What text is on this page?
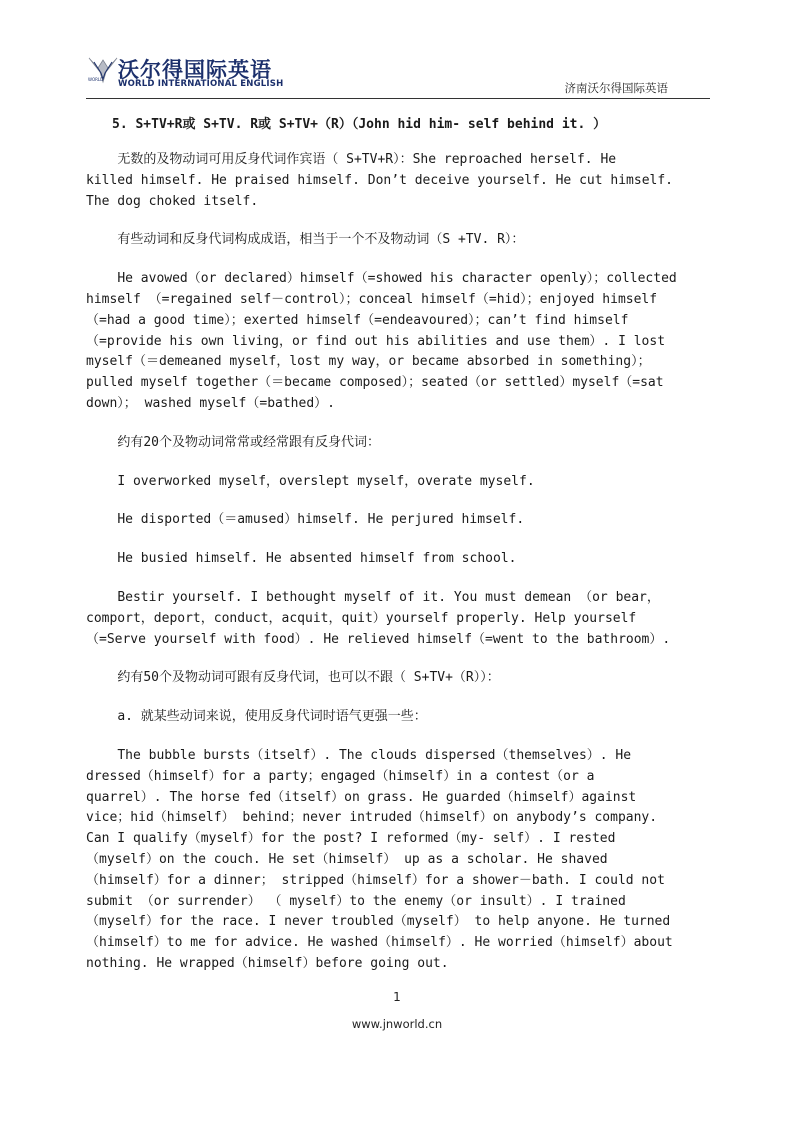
WORLD 沃尔得国际英语
WORLD INTERNATIONAL ENGLISH	济南沃尔得国际英语
5. S+TV+R或 S+TV. R或 S+TV+（R）（John hid him- self behind it. ）

无数的及物动词可用反身代词作宾语（ S+TV+R）：She reproached herself. He
killed himself. He praised himself. Don’t deceive yourself. He cut himself.
The dog choked itself.

有些动词和反身代词构成成语，相当于一个不及物动词（S +TV. R）：

He avowed（or declared）himself（=showed his character openly）；collected
himself （=regained self－control）；conceal himself（=hid）；enjoyed himself
（=had a good time）；exerted himself（=endeavoured）；can’t find himself
（=provide his own living，or find out his abilities and use them）. I lost
myself（＝demeaned myself，lost my way，or became absorbed in something）；
pulled myself together（＝became composed）；seated（or settled）myself（=sat
down）； washed myself（=bathed）.

约有20个及物动词常常或经常跟有反身代词：

I overworked myself，overslept myself，overate myself.

He disported（＝amused）himself. He perjured himself.

He busied himself. He absented himself from school.

Bestir yourself. I bethought myself of it. You must demean （or bear，
comport，deport，conduct，acquit，quit）yourself properly. Help yourself
（=Serve yourself with food）. He relieved himself（=went to the bathroom）.

约有50个及物动词可跟有反身代词，也可以不跟（ S+TV+（R））：

a. 就某些动词来说，使用反身代词时语气更强一些：

The bubble bursts（itself）. The clouds dispersed（themselves）. He
dressed（himself）for a party；engaged（himself）in a contest（or a
quarrel）. The horse fed（itself）on grass. He guarded（himself）against
vice；hid（himself） behind；never intruded（himself）on anybody’s company.
Can I qualify（myself）for the post? I reformed（my- self）. I rested
（myself）on the couch. He set（himself） up as a scholar. He shaved
（himself）for a dinner； stripped（himself）for a shower－bath. I could not
submit （or surrender） （ myself）to the enemy（or insult）. I trained
（myself）for the race. I never troubled（myself） to help anyone. He turned
（himself）to me for advice. He washed（himself）. He worried（himself）about
nothing. He wrapped（himself）before going out.

1
www.jnworld.cn
